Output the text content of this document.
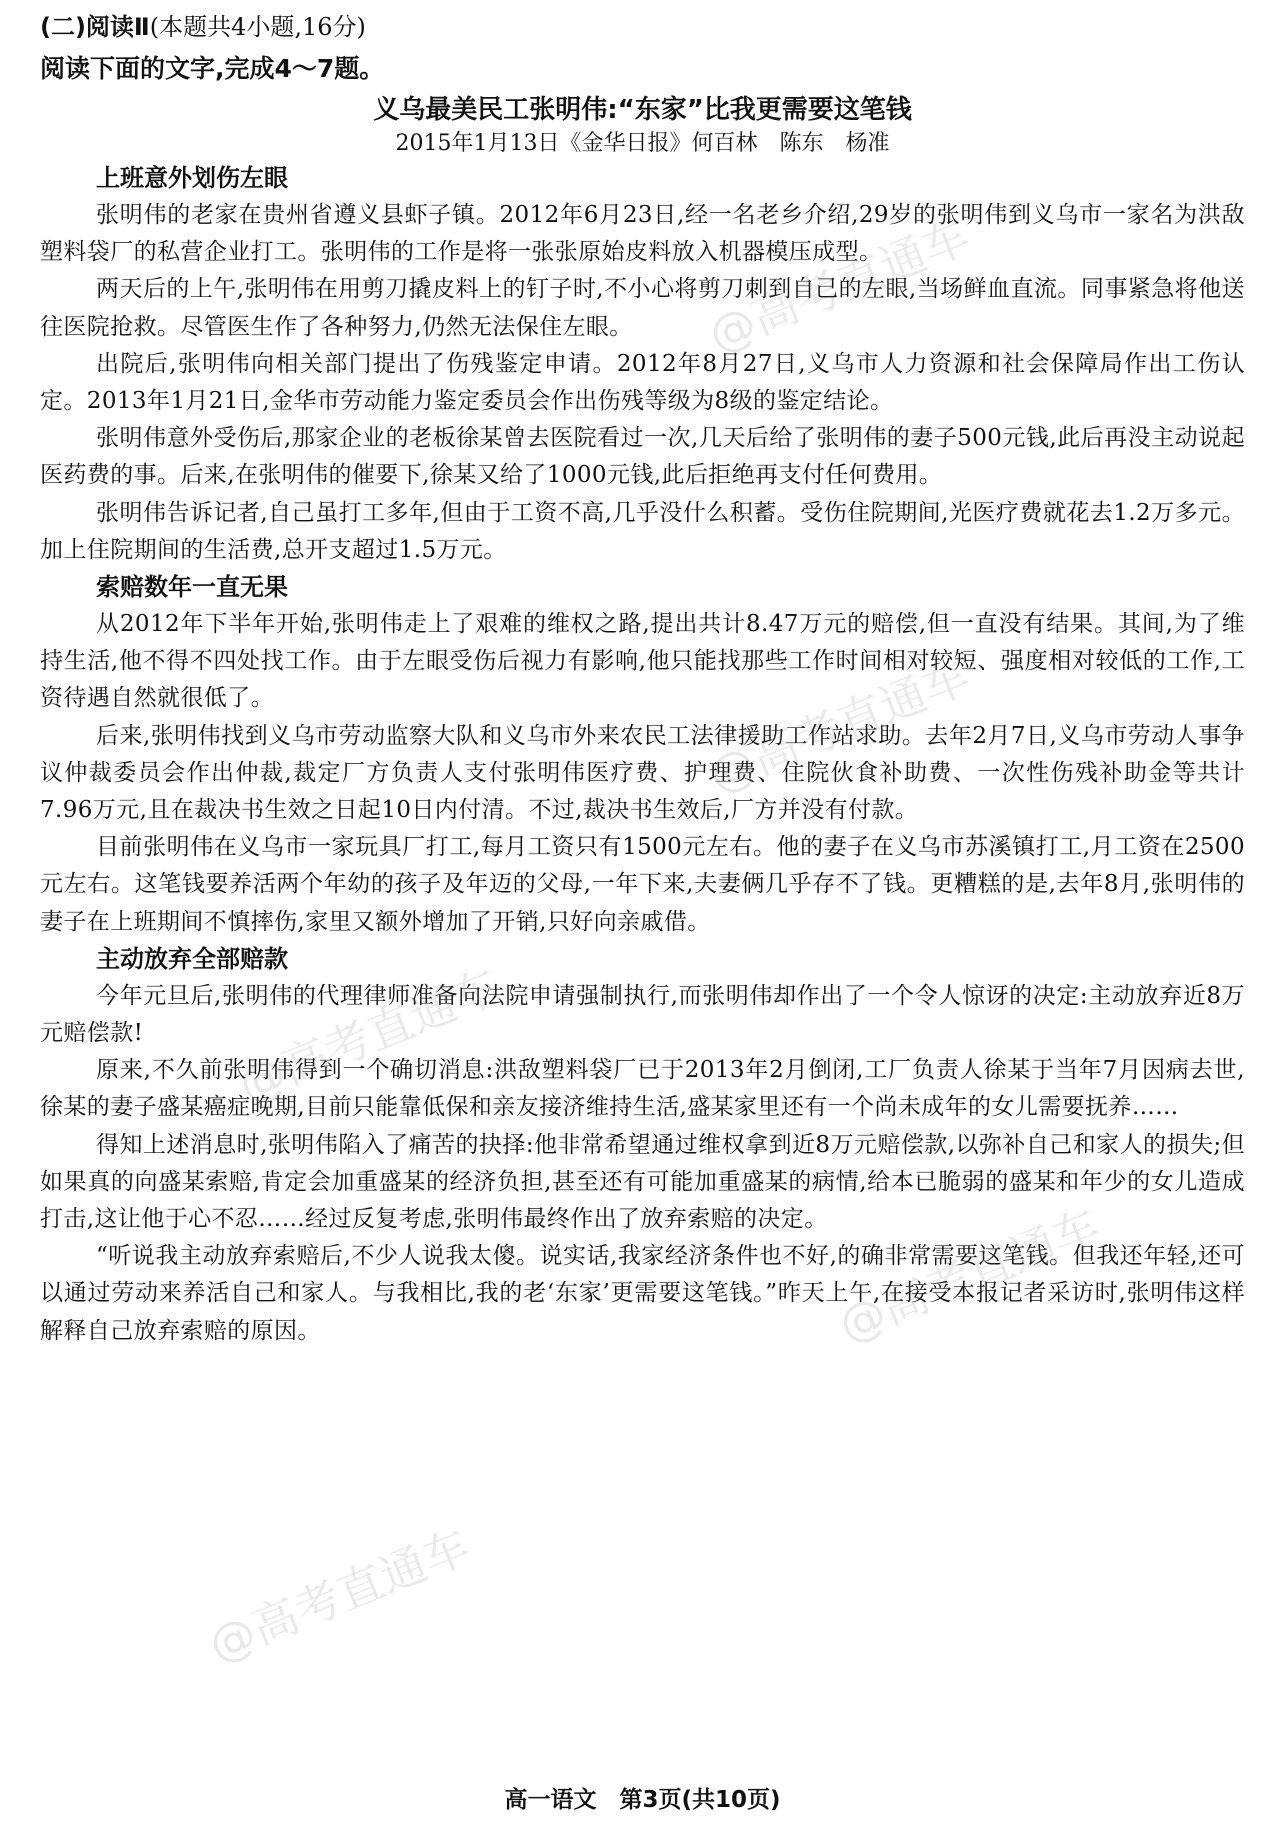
(二)阅读Ⅱ(本题共4小题,16分)
阅读下面的文字,完成4～7题。
义乌最美民工张明伟:“东家”比我更需要这笔钱
2015年1月13日《金华日报》何百林　陈东　杨准
上班意外划伤左眼

张明伟的老家在贵州省遵义县虾子镇。2012年6月23日,经一名老乡介绍,29岁的张明伟到义乌市一家名为洪敌塑料袋厂的私营企业打工。张明伟的工作是将一张张原始皮料放入机器模压成型。

两天后的上午,张明伟在用剪刀撬皮料上的钉子时,不小心将剪刀刺到自己的左眼,当场鲜血直流。同事紧急将他送往医院抢救。尽管医生作了各种努力,仍然无法保住左眼。

出院后,张明伟向相关部门提出了伤残鉴定申请。2012年8月27日,义乌市人力资源和社会保障局作出工伤认定。2013年1月21日,金华市劳动能力鉴定委员会作出伤残等级为8级的鉴定结论。

张明伟意外受伤后,那家企业的老板徐某曾去医院看过一次,几天后给了张明伟的妻子500元钱,此后再没主动说起医药费的事。后来,在张明伟的催要下,徐某又给了1000元钱,此后拒绝再支付任何费用。

张明伟告诉记者,自己虽打工多年,但由于工资不高,几乎没什么积蓄。受伤住院期间,光医疗费就花去1.2万多元。加上住院期间的生活费,总开支超过1.5万元。

索赔数年一直无果

从2012年下半年开始,张明伟走上了艰难的维权之路,提出共计8.47万元的赔偿,但一直没有结果。其间,为了维持生活,他不得不四处找工作。由于左眼受伤后视力有影响,他只能找那些工作时间相对较短、强度相对较低的工作,工资待遇自然就很低了。

后来,张明伟找到义乌市劳动监察大队和义乌市外来农民工法律援助工作站求助。去年2月7日,义乌市劳动人事争议仲裁委员会作出仲裁,裁定厂方负责人支付张明伟医疗费、护理费、住院伙食补助费、一次性伤残补助金等共计7.96万元,且在裁决书生效之日起10日内付清。不过,裁决书生效后,厂方并没有付款。

目前张明伟在义乌市一家玩具厂打工,每月工资只有1500元左右。他的妻子在义乌市苏溪镇打工,月工资在2500元左右。这笔钱要养活两个年幼的孩子及年迈的父母,一年下来,夫妻俩几乎存不了钱。更糟糕的是,去年8月,张明伟的妻子在上班期间不慎摔伤,家里又额外增加了开销,只好向亲戚借。

主动放弃全部赔款

今年元旦后,张明伟的代理律师准备向法院申请强制执行,而张明伟却作出了一个令人惊讶的决定:主动放弃近8万元赔偿款!

原来,不久前张明伟得到一个确切消息:洪敌塑料袋厂已于2013年2月倒闭,工厂负责人徐某于当年7月因病去世,徐某的妻子盛某癌症晚期,目前只能靠低保和亲友接济维持生活,盛某家里还有一个尚未成年的女儿需要抚养……

得知上述消息时,张明伟陷入了痛苦的抉择:他非常希望通过维权拿到近8万元赔偿款,以弥补自己和家人的损失;但如果真的向盛某索赔,肯定会加重盛某的经济负担,甚至还有可能加重盛某的病情,给本已脆弱的盛某和年少的女儿造成打击,这让他于心不忍……经过反复考虑,张明伟最终作出了放弃索赔的决定。

“听说我主动放弃索赔后,不少人说我太傻。说实话,我家经济条件也不好,的确非常需要这笔钱。但我还年轻,还可以通过劳动来养活自己和家人。与我相比,我的老‘东家’更需要这笔钱。”昨天上午,在接受本报记者采访时,张明伟这样解释自己放弃索赔的原因。

高一语文　第3页(共10页)
@高考直通车
@高考直通车
@高考直通车
@高考直通车
@高考直通车
